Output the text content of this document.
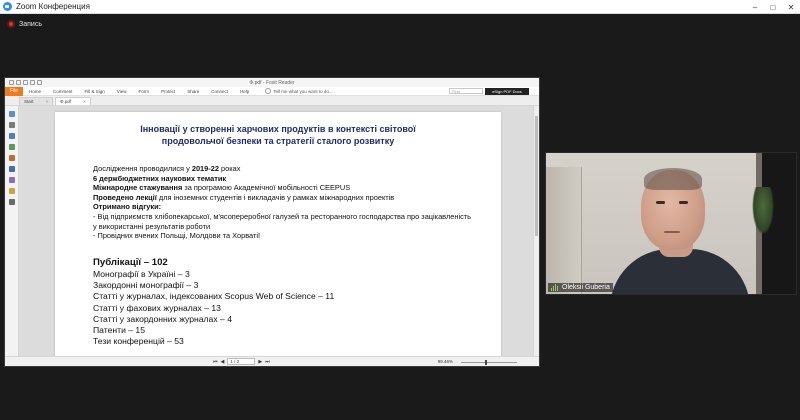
Zoom Конференция	–	□	✕
Запись
Ф.pdf - Foxit Reader
File	Home	Comment	Fill & Sign	View	Form	Protect	Share	Connect	Help	Tell me what you want to do...	Find	eSign PDF Docs
Start	×	Ф.pdf	×
Інновації у створенні харчових продуктів в контексті світової
продовольчої безпеки та стратегії сталого розвитку
Дослідження проводилися у 2019-22 роках
6 держбюджетних наукових тематик
Міжнародне стажування за програмою Академічної мобільності CEEPUS
Проведено лекції для іноземних студентів і викладачів у рамках міжнародних проектів
Отримано відгуки:
- Від підприємств хлібопекарської, м'ясопереробної галузей та ресторанного господарства про зацікавленість у використанні результатів роботи
- Провідних вчених Польщі, Молдови та Хорватії
Публікації – 102
Монографії в Україні – 3
Закордонні монографії – 3
Статті у журналах, індексованих Scopus Web of Science – 11
Статті у фахових журналах – 13
Статті у закордонних журналах – 4
Патенти – 15
Тези конференцій – 53
⏮ ◀	1 / 2	▶ ⏭	99.46%
Oleksii Guberia
